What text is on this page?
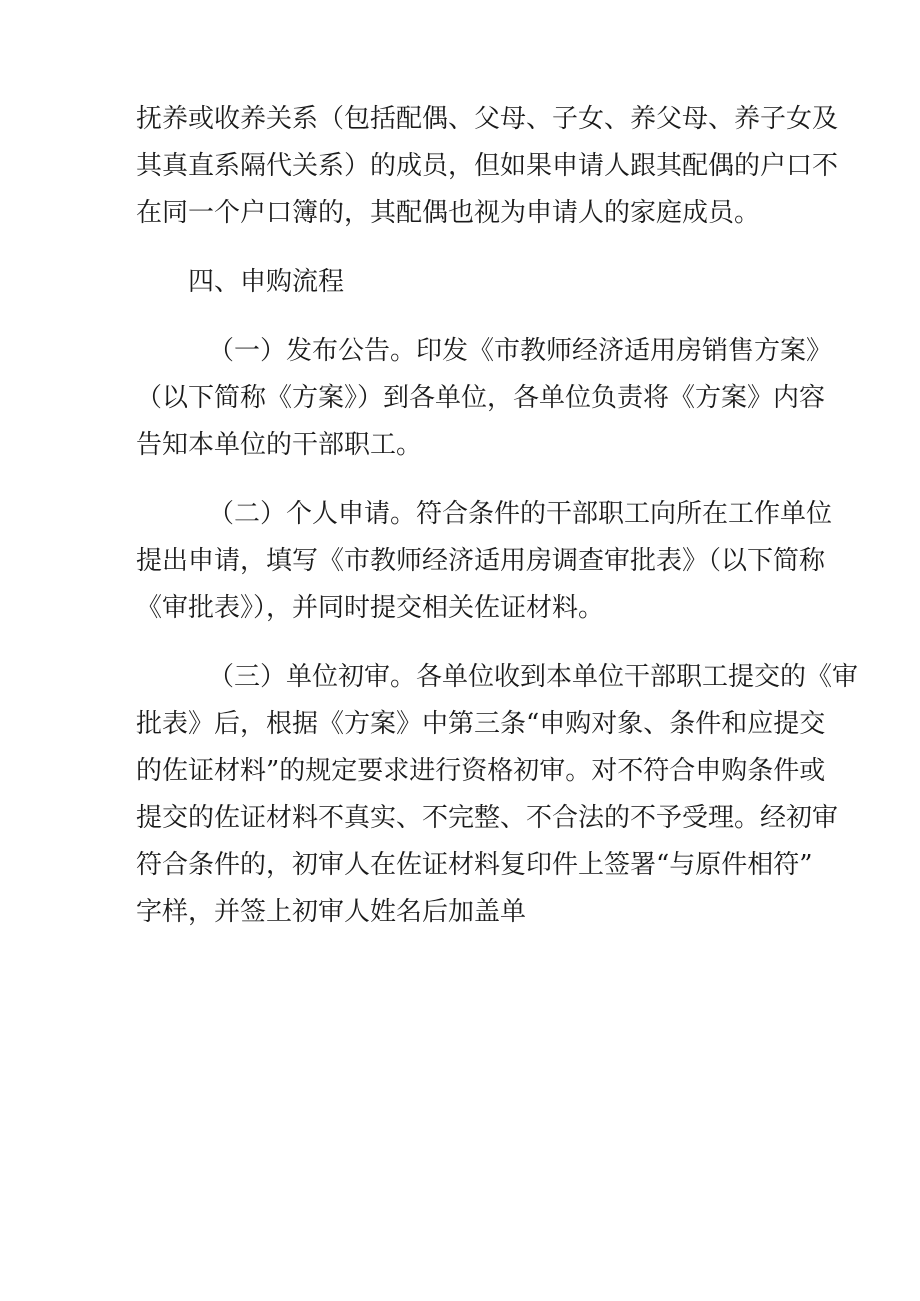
抚养或收养关系（包括配偶、父母、子女、养父母、养子女及
其真直系隔代关系）的成员，但如果申请人跟其配偶的户口不
在同一个户口簿的，其配偶也视为申请人的家庭成员。
四、申购流程
（一）发布公告。印发《市教师经济适用房销售方案》
（以下简称《方案》）到各单位，各单位负责将《方案》内容
告知本单位的干部职工。
（二）个人申请。符合条件的干部职工向所在工作单位
提出申请，填写《市教师经济适用房调查审批表》（以下简称
《审批表》），并同时提交相关佐证材料。
（三）单位初审。各单位收到本单位干部职工提交的《审
批表》后，根据《方案》中第三条“申购对象、条件和应提交
的佐证材料”的规定要求进行资格初审。对不符合申购条件或
提交的佐证材料不真实、不完整、不合法的不予受理。经初审
符合条件的，初审人在佐证材料复印件上签署“与原件相符”
字样，并签上初审人姓名后加盖单
